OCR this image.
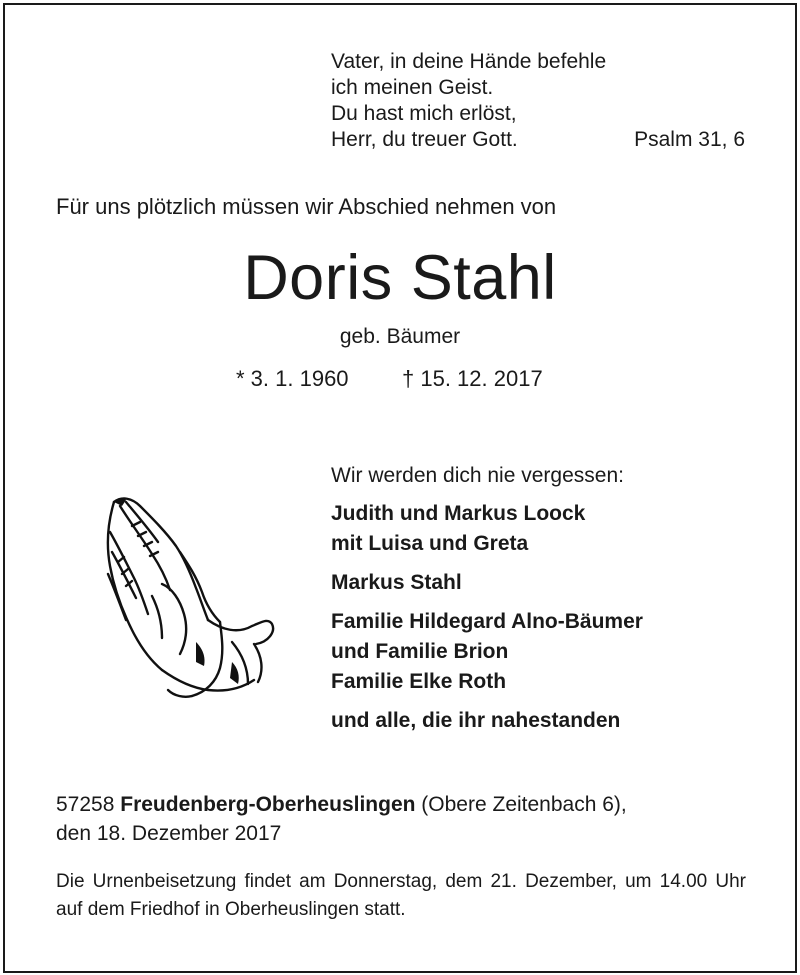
Vater, in deine Hände befehle
ich meinen Geist.
Du hast mich erlöst,
Herr, du treuer Gott.	Psalm 31, 6
Für uns plötzlich müssen wir Abschied nehmen von
Doris Stahl
geb. Bäumer
* 3. 1. 1960 † 15. 12. 2017
Wir werden dich nie vergessen:
Judith und Markus Loock
mit Luisa und Greta
Markus Stahl
Familie Hildegard Alno-Bäumer
und Familie Brion
Familie Elke Roth
und alle, die ihr nahestanden
57258 Freudenberg-Oberheuslingen (Obere Zeitenbach 6),
den 18. Dezember 2017
Die Urnenbeisetzung findet am Donnerstag, dem 21. Dezember, um 14.00 Uhr auf dem Friedhof in Oberheuslingen statt.
